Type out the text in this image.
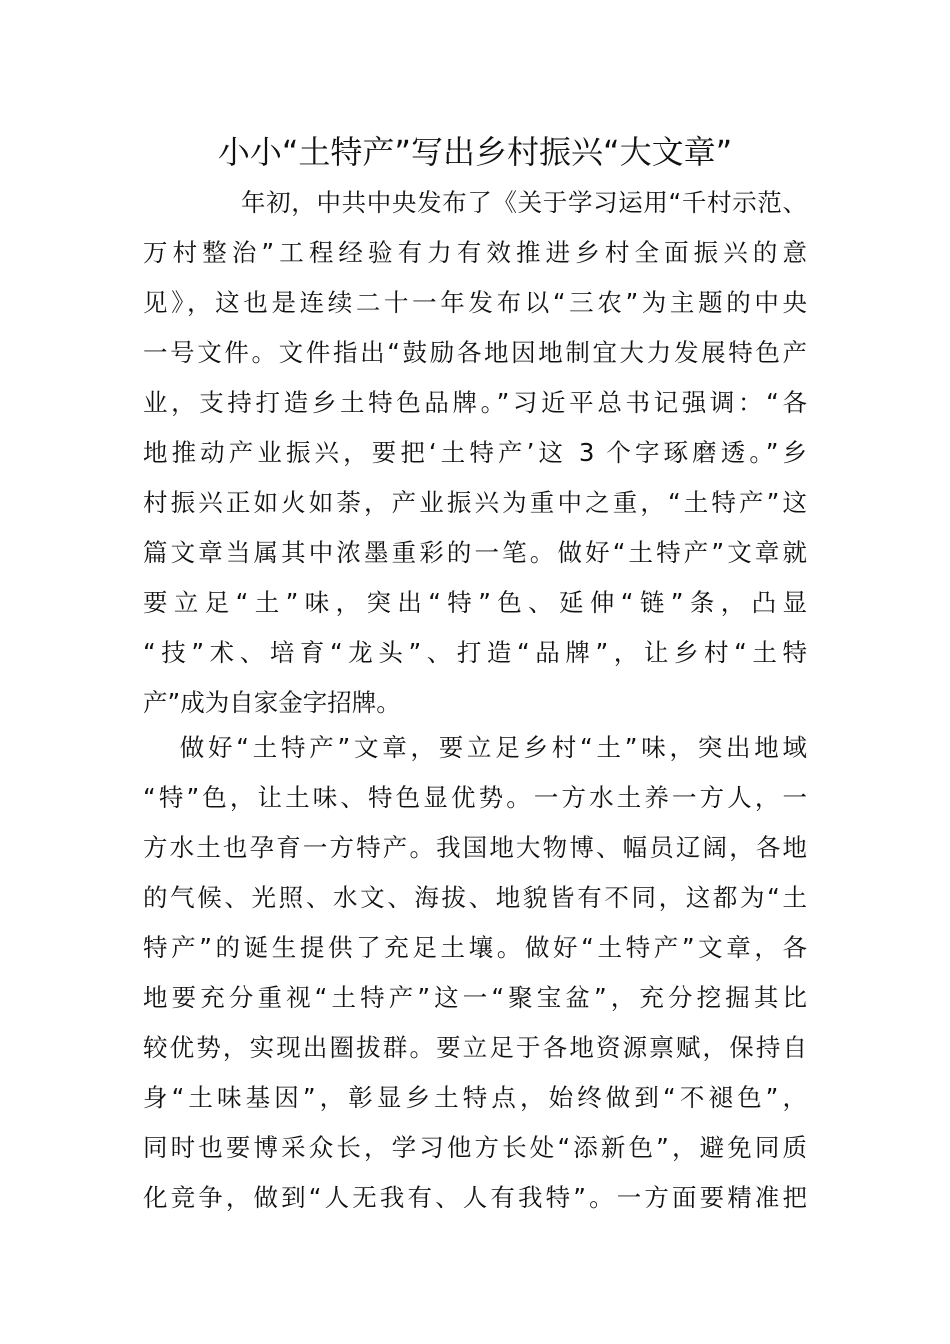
小小“土特产”写出乡村振兴“大文章”
年初，中共中央发布了《关于学习运用“千村示范、
万村整治”工程经验有力有效推进乡村全面振兴的意
见》，这也是连续二十一年发布以“三农”为主题的中央
一号文件。文件指出“鼓励各地因地制宜大力发展特色产
业，支持打造乡土特色品牌。”习近平总书记强调：“各
地推动产业振兴，要把‘土特产’这 3 个字琢磨透。”乡
村振兴正如火如荼，产业振兴为重中之重，“土特产”这
篇文章当属其中浓墨重彩的一笔。做好“土特产”文章就
要立足“土”味，突出“特”色、延伸“链”条，凸显
“技”术、培育“龙头”、打造“品牌”，让乡村“土特
产”成为自家金字招牌。
做好“土特产”文章，要立足乡村“土”味，突出地域
“特”色，让土味、特色显优势。一方水土养一方人，一
方水土也孕育一方特产。我国地大物博、幅员辽阔，各地
的气候、光照、水文、海拔、地貌皆有不同，这都为“土
特产”的诞生提供了充足土壤。做好“土特产”文章，各
地要充分重视“土特产”这一“聚宝盆”，充分挖掘其比
较优势，实现出圈拔群。要立足于各地资源禀赋，保持自
身“土味基因”，彰显乡土特点，始终做到“不褪色”，
同时也要博采众长，学习他方长处“添新色”，避免同质
化竞争，做到“人无我有、人有我特”。一方面要精准把
